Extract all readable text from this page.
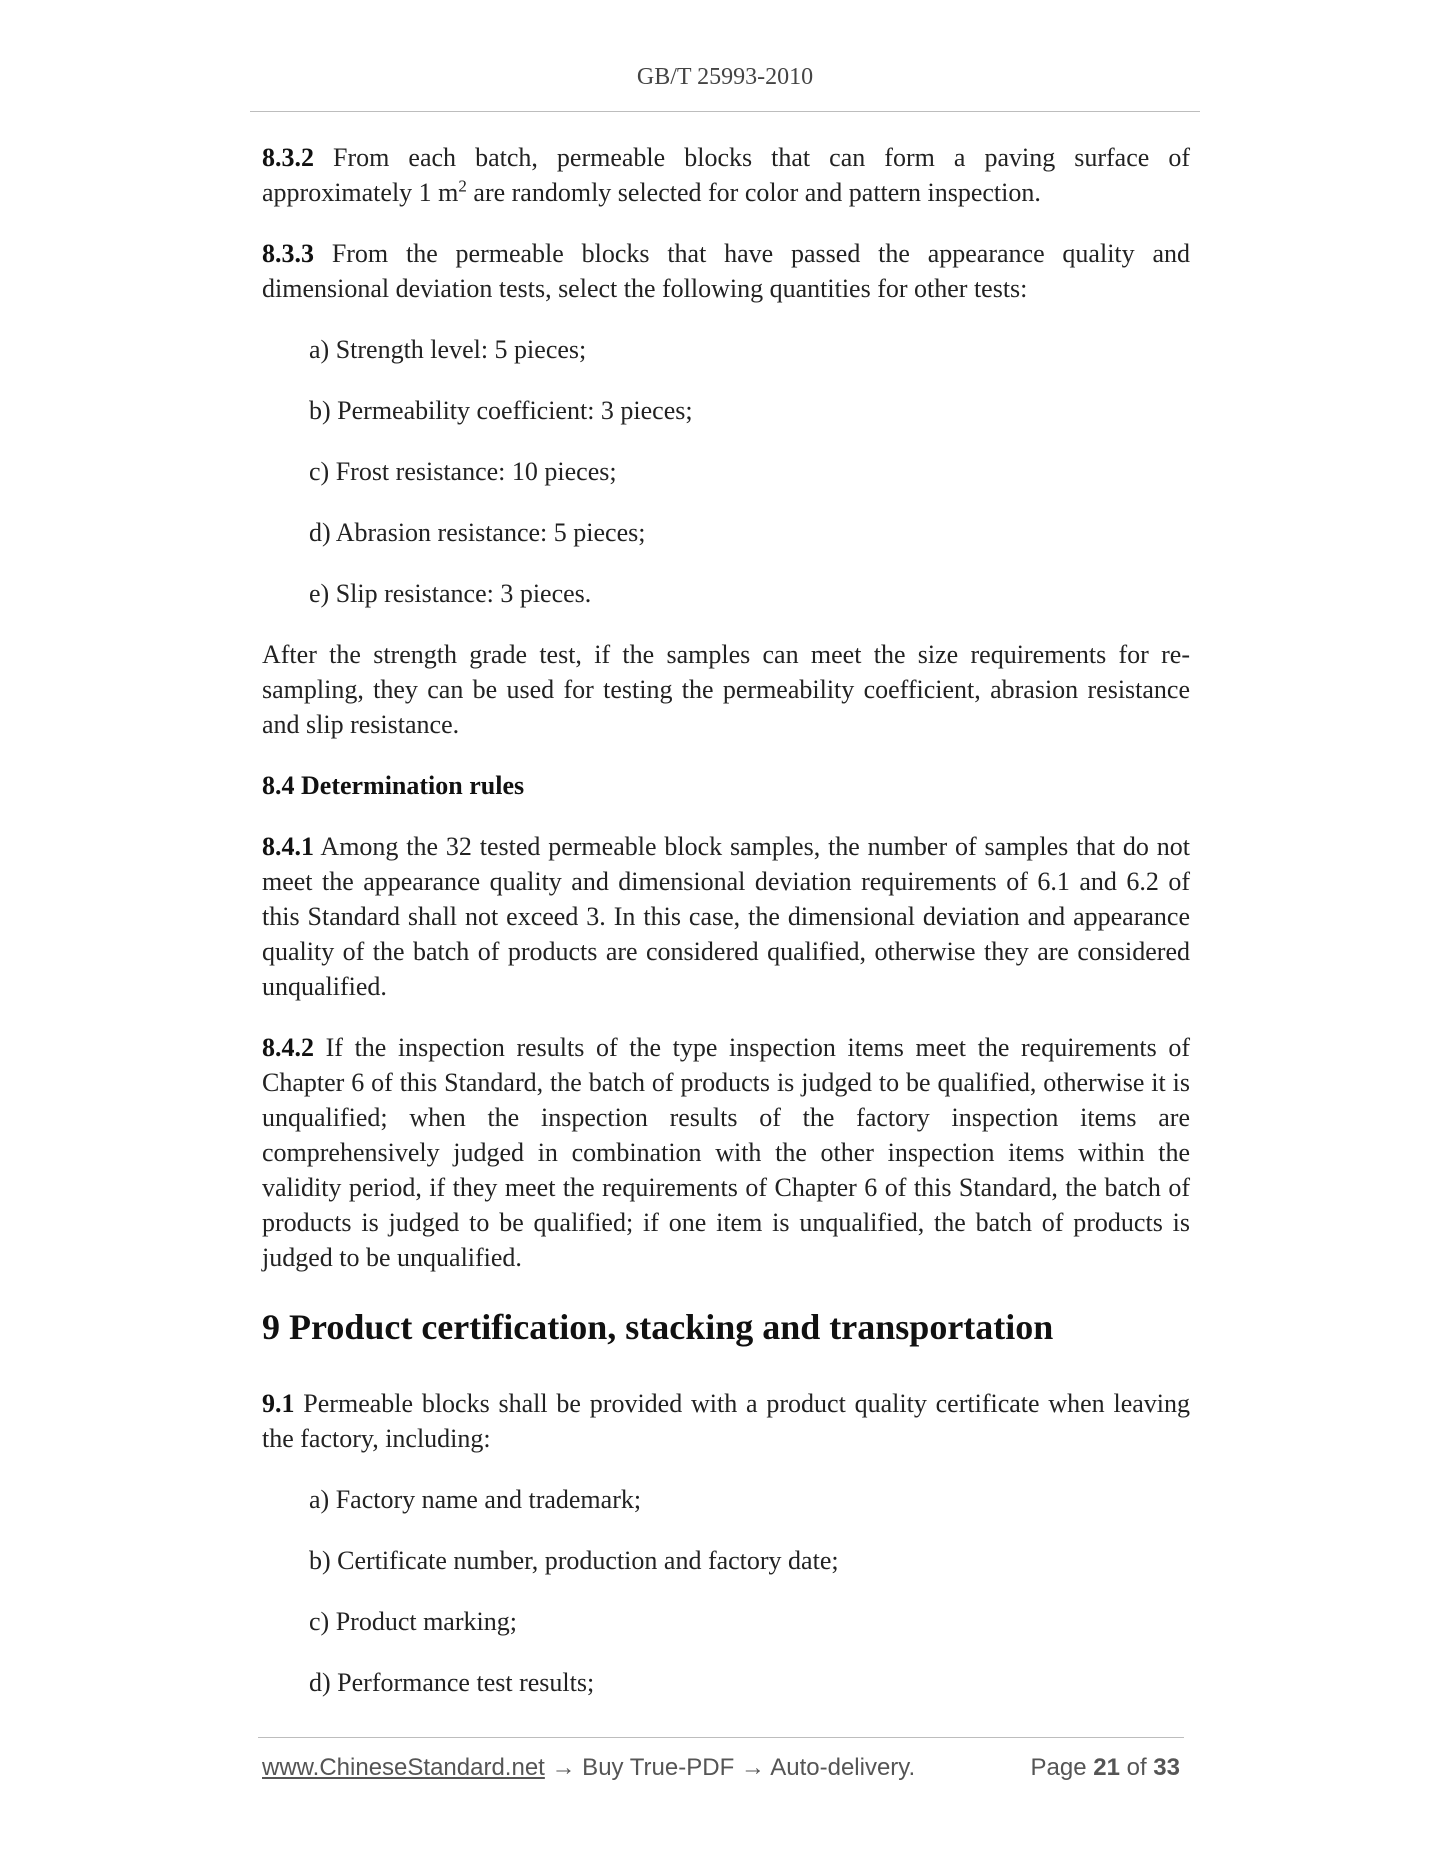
GB/T 25993-2010

8.3.2 From each batch, permeable blocks that can form a paving surface of approximately 1 $m^2$ are randomly selected for color and pattern inspection.

8.3.3 From the permeable blocks that have passed the appearance quality and dimensional deviation tests, select the following quantities for other tests:

a) Strength level: 5 pieces;

b) Permeability coefficient: 3 pieces;

c) Frost resistance: 10 pieces;

d) Abrasion resistance: 5 pieces;

e) Slip resistance: 3 pieces.

After the strength grade test, if the samples can meet the size requirements for re-sampling, they can be used for testing the permeability coefficient, abrasion resistance and slip resistance.

8.4 Determination rules

8.4.1 Among the 32 tested permeable block samples, the number of samples that do not meet the appearance quality and dimensional deviation requirements of 6.1 and 6.2 of this Standard shall not exceed 3. In this case, the dimensional deviation and appearance quality of the batch of products are considered qualified, otherwise they are considered unqualified.

8.4.2 If the inspection results of the type inspection items meet the requirements of Chapter 6 of this Standard, the batch of products is judged to be qualified, otherwise it is unqualified; when the inspection results of the factory inspection items are comprehensively judged in combination with the other inspection items within the validity period, if they meet the requirements of Chapter 6 of this Standard, the batch of products is judged to be qualified; if one item is unqualified, the batch of products is judged to be unqualified.

9 Product certification, stacking and transportation

9.1 Permeable blocks shall be provided with a product quality certificate when leaving the factory, including:

a) Factory name and trademark;

b) Certificate number, production and factory date;

c) Product marking;

d) Performance test results;

www.ChineseStandard.net → Buy True-PDF → Auto-delivery.	Page 21 of 33
